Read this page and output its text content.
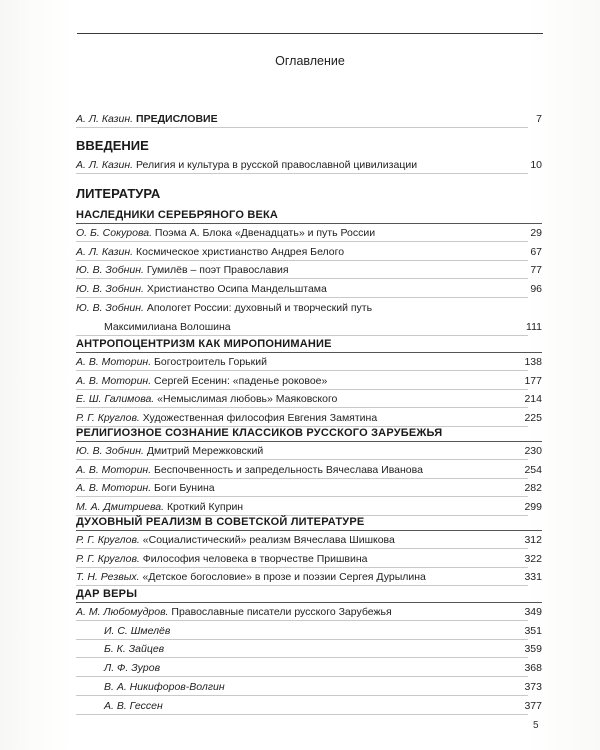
Оглавление
А. Л. Казин. ПРЕДИСЛОВИЕ	7
ВВЕДЕНИЕ
А. Л. Казин. Религия и культура в русской православной цивилизации	10
ЛИТЕРАТУРА
НАСЛЕДНИКИ СЕРЕБРЯНОГО ВЕКА
О. Б. Сокурова. Поэма А. Блока «Двенадцать» и путь России	29
А. Л. Казин. Космическое христианство Андрея Белого	67
Ю. В. Зобнин. Гумилёв – поэт Православия	77
Ю. В. Зобнин. Христианство Осипа Мандельштама	96
Ю. В. Зобнин. Апологет России: духовный и творческий путь
Максимилиана Волошина	111
АНТРОПОЦЕНТРИЗМ КАК МИРОПОНИМАНИЕ
А. В. Моторин. Богостроитель Горький	138
А. В. Моторин. Сергей Есенин: «паденье роковое»	177
Е. Ш. Галимова. «Немыслимая любовь» Маяковского	214
Р. Г. Круглов. Художественная философия Евгения Замятина	225
РЕЛИГИОЗНОЕ СОЗНАНИЕ КЛАССИКОВ РУССКОГО ЗАРУБЕЖЬЯ
Ю. В. Зобнин. Дмитрий Мережковский	230
А. В. Моторин. Беспочвенность и запредельность Вячеслава Иванова	254
А. В. Моторин. Боги Бунина	282
М. А. Дмитриева. Кроткий Куприн	299
ДУХОВНЫЙ РЕАЛИЗМ В СОВЕТСКОЙ ЛИТЕРАТУРЕ
Р. Г. Круглов. «Социалистический» реализм Вячеслава Шишкова	312
Р. Г. Круглов. Философия человека в творчестве Пришвина	322
Т. Н. Резвых. «Детское богословие» в прозе и поэзии Сергея Дурылина	331
ДАР ВЕРЫ
А. М. Любомудров. Православные писатели русского Зарубежья	349
И. С. Шмелёв	351
Б. К. Зайцев	359
Л. Ф. Зуров	368
В. А. Никифоров-Волгин	373
А. В. Гессен	377
5
